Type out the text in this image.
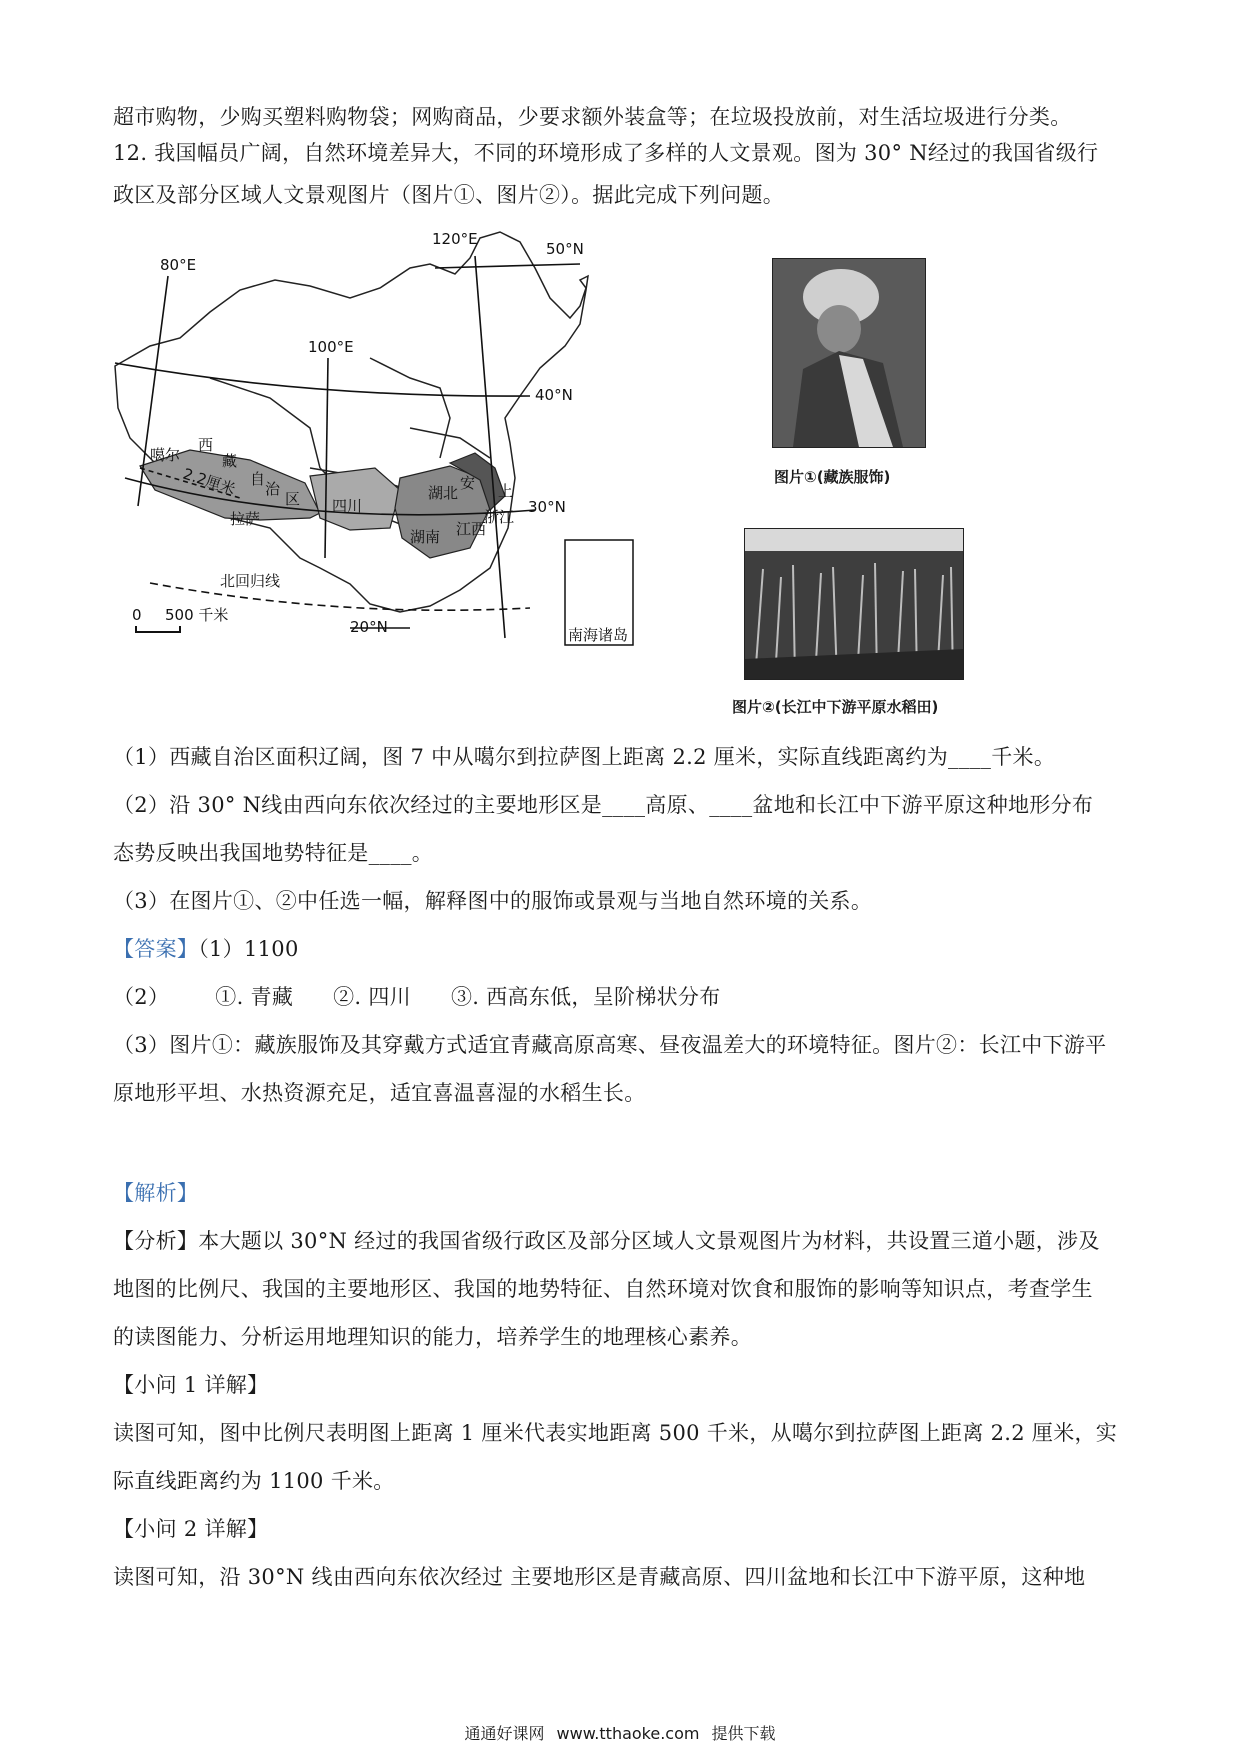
超市购物，少购买塑料购物袋；网购商品，少要求额外装盒等；在垃圾投放前，对生活垃圾进行分类。
12. 我国幅员广阔，自然环境差异大，不同的环境形成了多样的人文景观。图为 30° N经过的我国省级行
政区及部分区域人文景观图片（图片①、图片②）。据此完成下列问题。
80°E
100°E
120°E
50°N
40°N
30°N
20°N
北回归线
0 500 千米
噶尔
拉萨
2.2厘米
西
藏
自
治
区 四川
湖北
湖南 江西
安
浙江
上
南海诸岛
图片①(藏族服饰)
图片②(长江中下游平原水稻田)
（1）西藏自治区面积辽阔，图 7 中从噶尔到拉萨图上距离 2.2 厘米，实际直线距离约为____千米。
（2）沿 30° N线由西向东依次经过的主要地形区是____高原、____盆地和长江中下游平原这种地形分布
态势反映出我国地势特征是____。
（3）在图片①、②中任选一幅，解释图中的服饰或景观与当地自然环境的关系。
【答案】（1）1100
（2） ①. 青藏 ②. 四川 ③. 西高东低，呈阶梯状分布
（3）图片①：藏族服饰及其穿戴方式适宜青藏高原高寒、昼夜温差大的环境特征。图片②：长江中下游平
原地形平坦、水热资源充足，适宜喜温喜湿的水稻生长。
【解析】
【分析】本大题以 30°N 经过的我国省级行政区及部分区域人文景观图片为材料，共设置三道小题，涉及
地图的比例尺、我国的主要地形区、我国的地势特征、自然环境对饮食和服饰的影响等知识点，考查学生
的读图能力、分析运用地理知识的能力，培养学生的地理核心素养。
【小问 1 详解】
读图可知，图中比例尺表明图上距离 1 厘米代表实地距离 500 千米，从噶尔到拉萨图上距离 2.2 厘米，实
际直线距离约为 1100 千米。
【小问 2 详解】
读图可知，沿 30°N 线由西向东依次经过 主要地形区是青藏高原、四川盆地和长江中下游平原，这种地
通通好课网 www.tthaoke.com 提供下载
